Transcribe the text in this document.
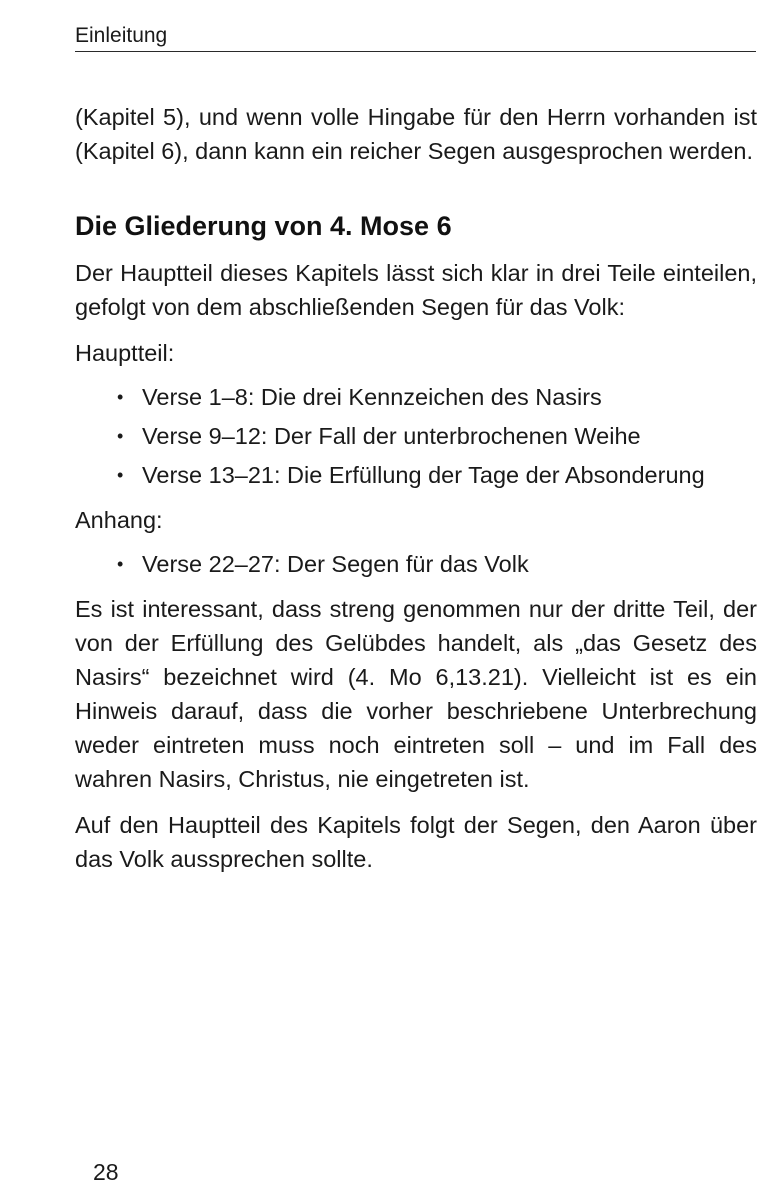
Einleitung

(Kapitel 5), und wenn volle Hingabe für den Herrn vorhanden ist (Kapitel 6), dann kann ein reicher Segen ausgesprochen werden.

Die Gliederung von 4. Mose 6

Der Hauptteil dieses Kapitels lässt sich klar in drei Teile einteilen, gefolgt von dem abschließenden Segen für das Volk:

Hauptteil:

• Verse 1–8: Die drei Kennzeichen des Nasirs
• Verse 9–12: Der Fall der unterbrochenen Weihe
• Verse 13–21: Die Erfüllung der Tage der Absonderung

Anhang:

• Verse 22–27: Der Segen für das Volk

Es ist interessant, dass streng genommen nur der dritte Teil, der von der Erfüllung des Gelübdes handelt, als „das Gesetz des Nasirs“ bezeichnet wird (4. Mo 6,13.21). Vielleicht ist es ein Hinweis darauf, dass die vorher beschriebene Unterbrechung weder eintreten muss noch eintreten soll – und im Fall des wahren Nasirs, Christus, nie eingetreten ist.

Auf den Hauptteil des Kapitels folgt der Segen, den Aaron über das Volk aussprechen sollte.

28
